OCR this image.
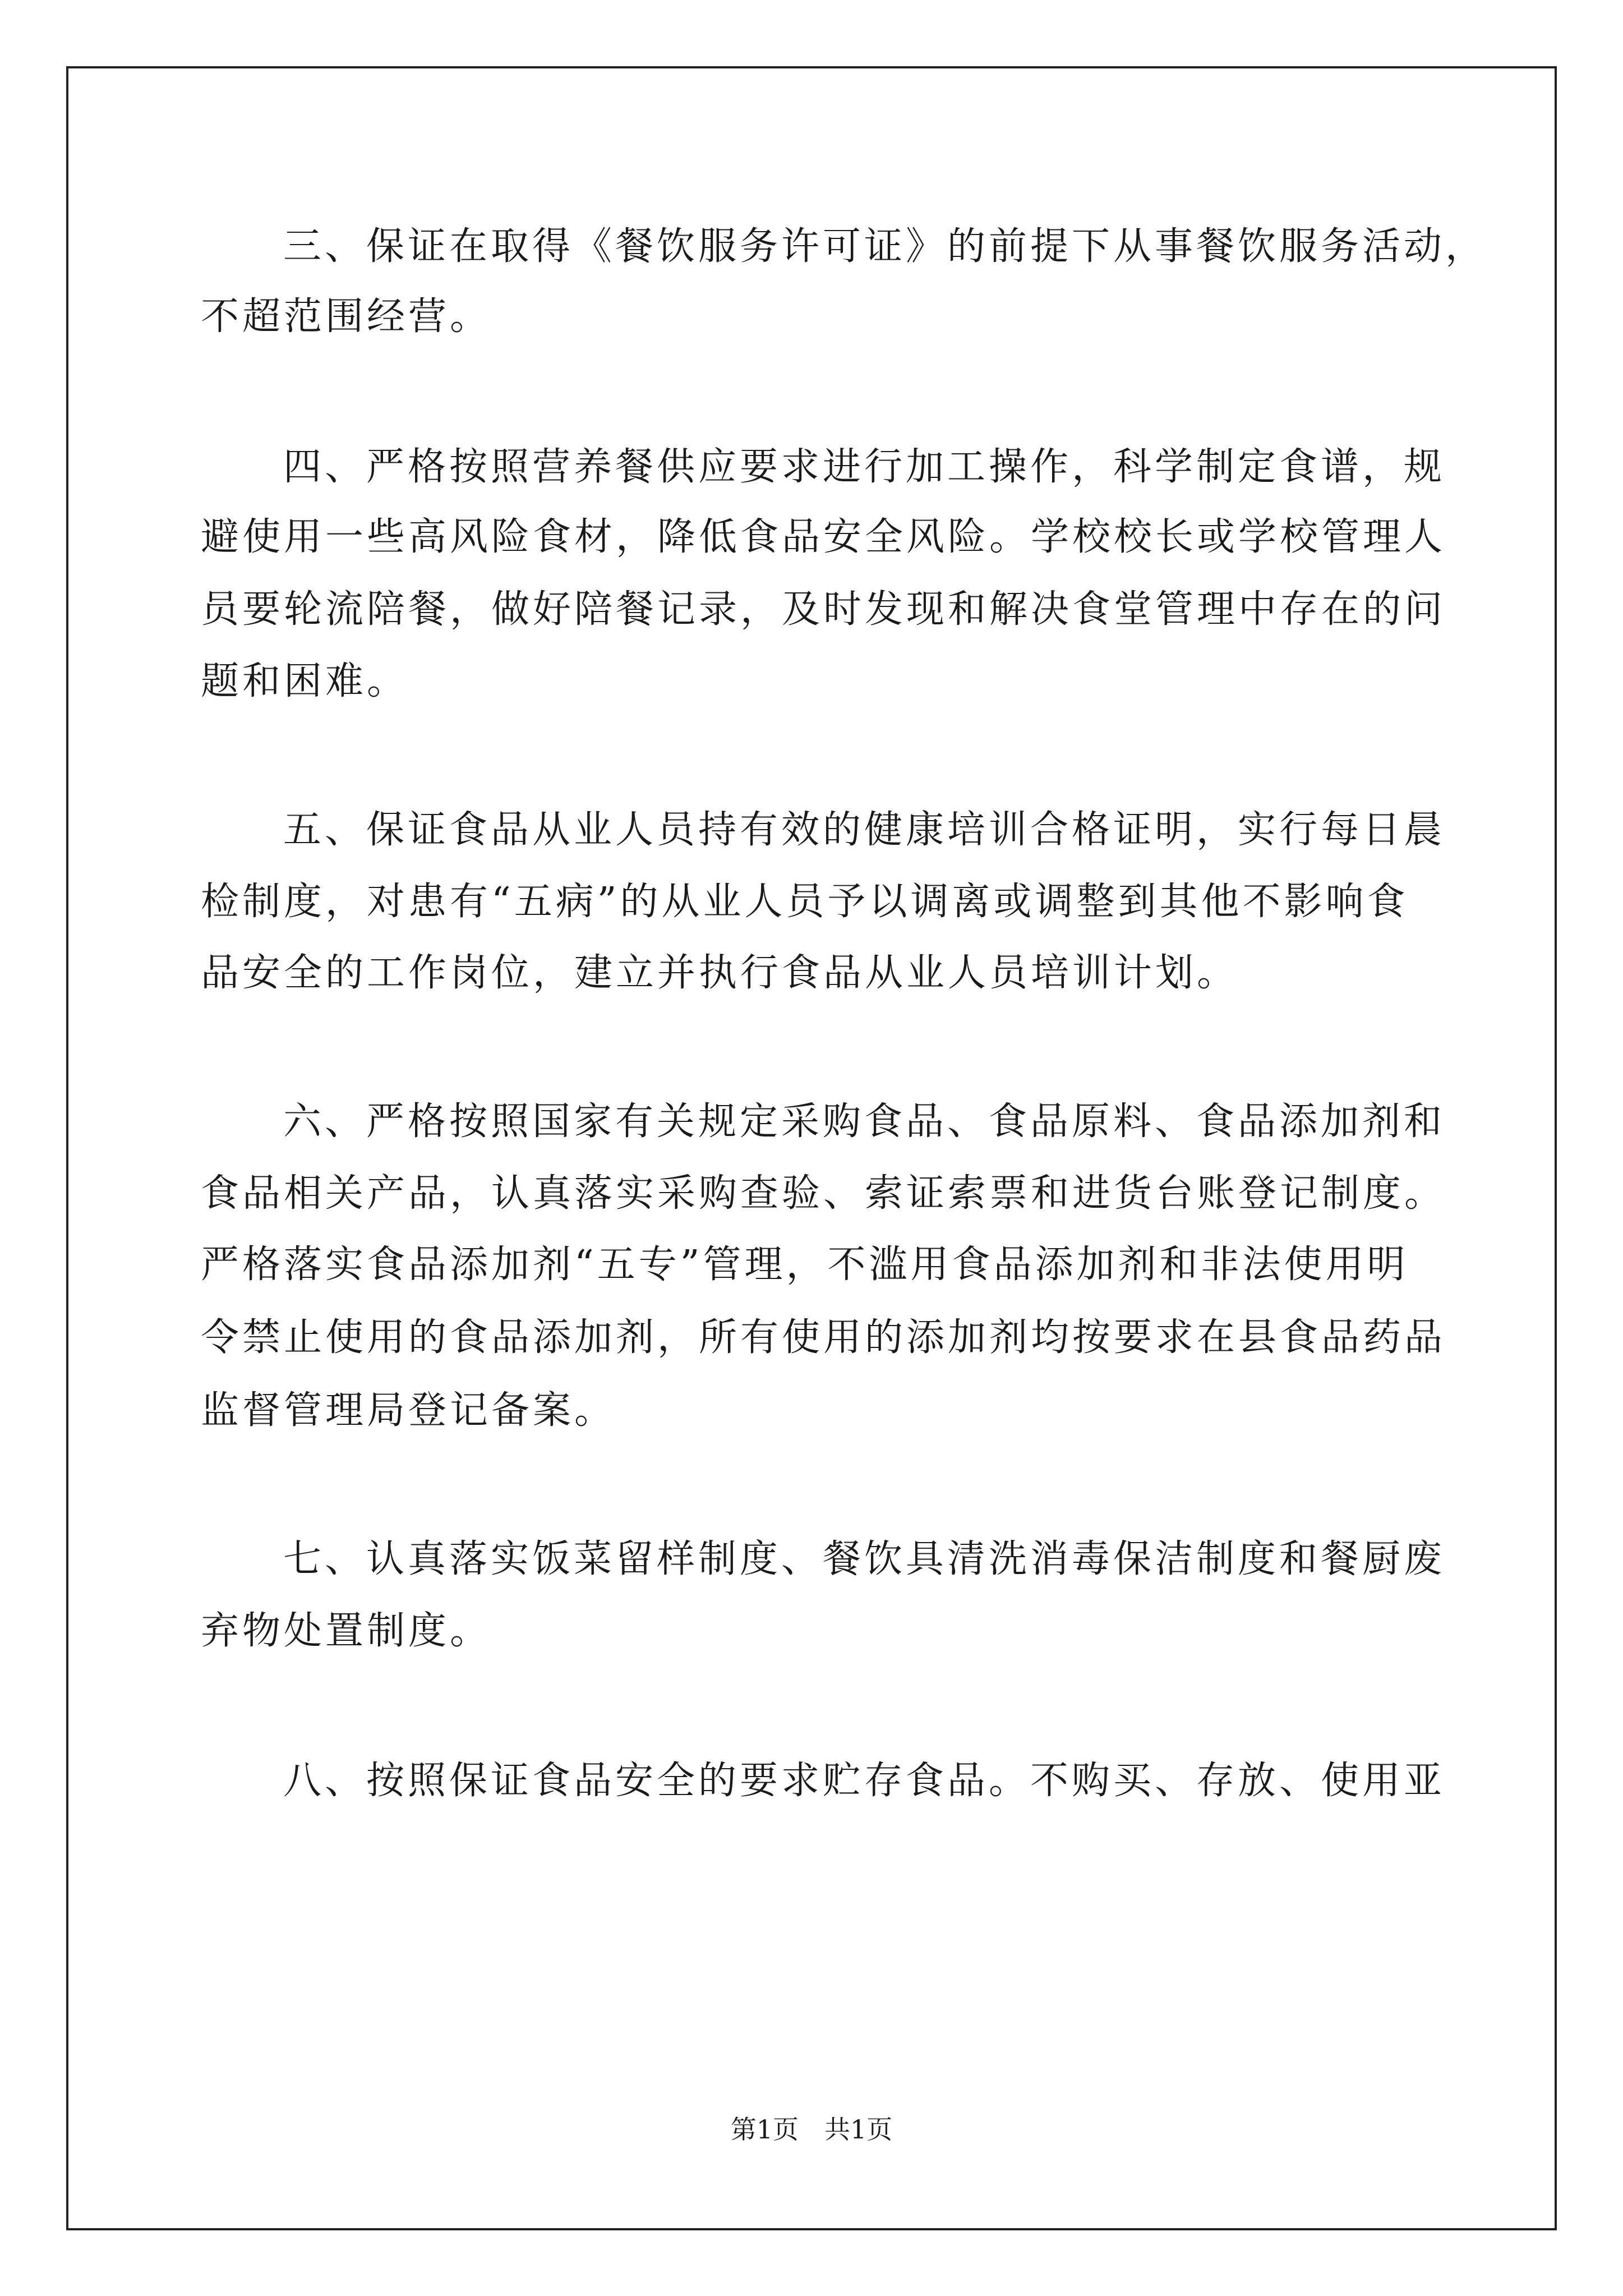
三、保证在取得《餐饮服务许可证》的前提下从事餐饮服务活动，
不超范围经营。
四、严格按照营养餐供应要求进行加工操作，科学制定食谱，规
避使用一些高风险食材，降低食品安全风险。学校校长或学校管理人
员要轮流陪餐，做好陪餐记录，及时发现和解决食堂管理中存在的问
题和困难。
五、保证食品从业人员持有效的健康培训合格证明，实行每日晨
检制度，对患有“五病”的从业人员予以调离或调整到其他不影响食
品安全的工作岗位，建立并执行食品从业人员培训计划。
六、严格按照国家有关规定采购食品、食品原料、食品添加剂和
食品相关产品，认真落实采购查验、索证索票和进货台账登记制度。
严格落实食品添加剂“五专”管理，不滥用食品添加剂和非法使用明
令禁止使用的食品添加剂，所有使用的添加剂均按要求在县食品药品
监督管理局登记备案。
七、认真落实饭菜留样制度、餐饮具清洗消毒保洁制度和餐厨废
弃物处置制度。
八、按照保证食品安全的要求贮存食品。不购买、存放、使用亚
第1页　共1页
